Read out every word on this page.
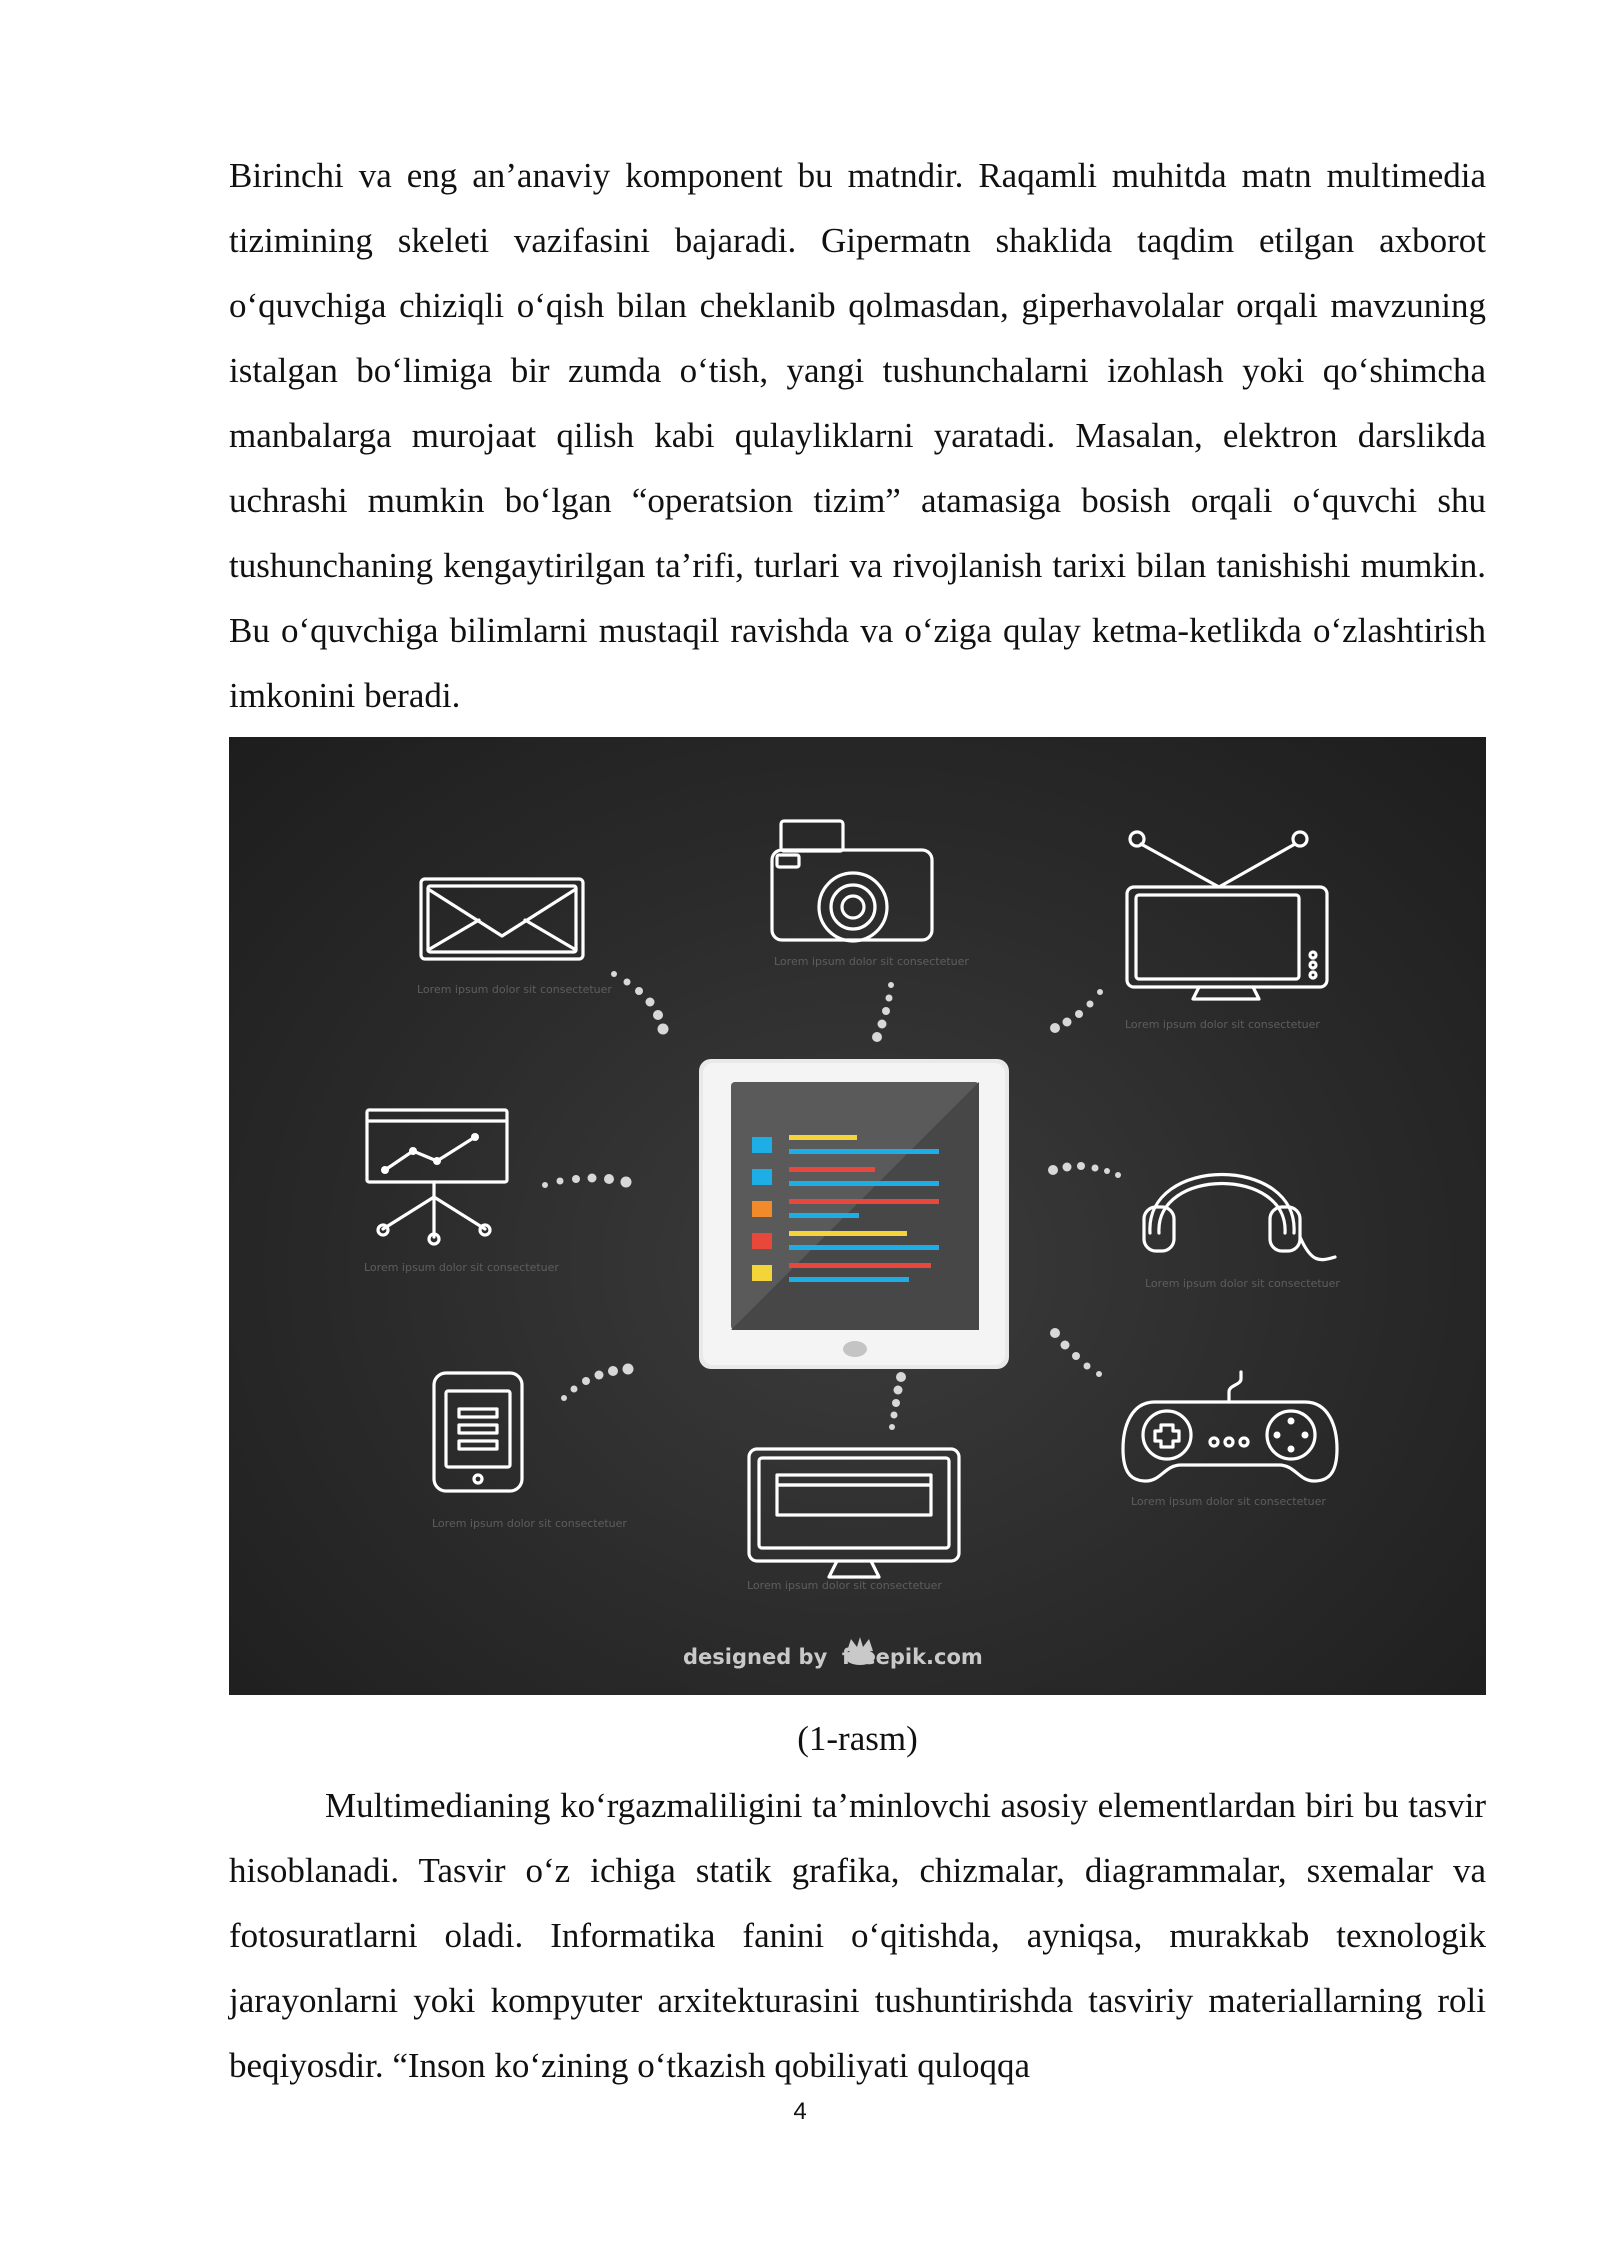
Birinchi va eng an’anaviy komponent bu matndir. Raqamli muhitda matn multimedia tizimining skeleti vazifasini bajaradi. Gipermatn shaklida taqdim etilgan axborot o‘quvchiga chiziqli o‘qish bilan cheklanib qolmasdan, giperhavolalar orqali mavzuning istalgan bo‘limiga bir zumda o‘tish, yangi tushunchalarni izohlash yoki qo‘shimcha manbalarga murojaat qilish kabi qulayliklarni yaratadi. Masalan, elektron darslikda uchrashi mumkin bo‘lgan “operatsion tizim” atamasiga bosish orqali o‘quvchi shu tushunchaning kengaytirilgan ta’rifi, turlari va rivojlanish tarixi bilan tanishishi mumkin. Bu o‘quvchiga bilimlarni mustaqil ravishda va o‘ziga qulay ketma-ketlikda o‘zlashtirish imkonini beradi.

Lorem ipsum dolor sit consectetuer
Lorem ipsum dolor sit consectetuer
Lorem ipsum dolor sit consectetuer
Lorem ipsum dolor sit consectetuer
Lorem ipsum dolor sit consectetuer
Lorem ipsum dolor sit consectetuer
Lorem ipsum dolor sit consectetuer
Lorem ipsum dolor sit consectetuer
designed by  freepik.com

(1-rasm)

Multimedianing ko‘rgazmaliligini ta’minlovchi asosiy elementlardan biri bu tasvir hisoblanadi. Tasvir o‘z ichiga statik grafika, chizmalar, diagrammalar, sxemalar va fotosuratlarni oladi. Informatika fanini o‘qitishda, ayniqsa, murakkab texnologik jarayonlarni yoki kompyuter arxitekturasini tushuntirishda tasviriy materiallarning roli beqiyosdir. “Inson ko‘zining o‘tkazish qobiliyati quloqqa

4
